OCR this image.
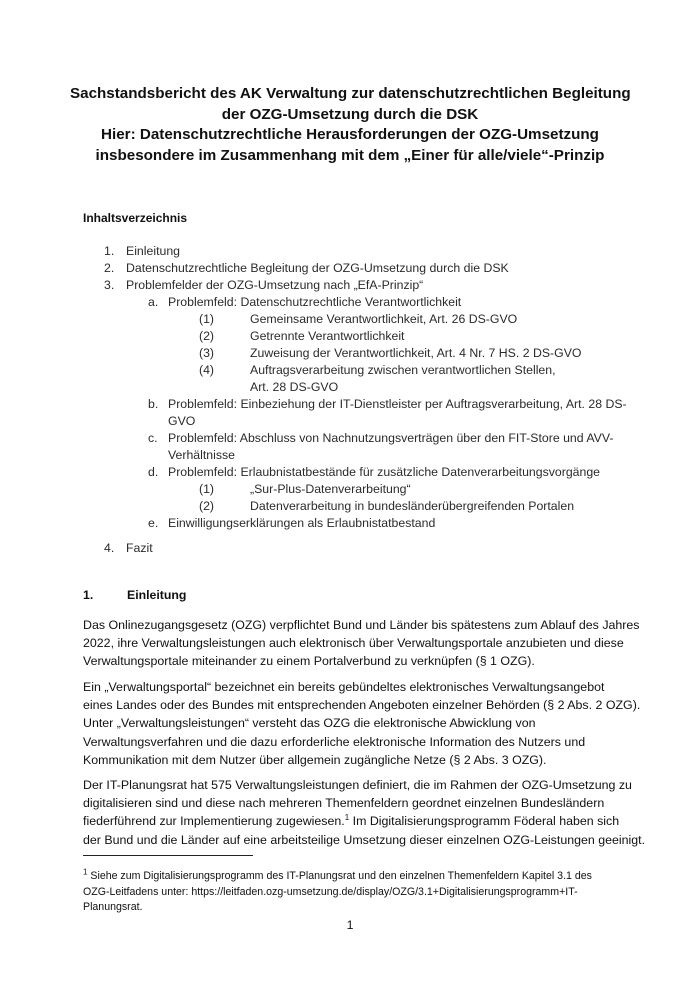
Sachstandsbericht des AK Verwaltung zur datenschutzrechtlichen Begleitung
der OZG-Umsetzung durch die DSK
Hier: Datenschutzrechtliche Herausforderungen der OZG-Umsetzung
insbesondere im Zusammenhang mit dem „Einer für alle/viele“-Prinzip
Inhaltsverzeichnis
1. Einleitung
2. Datenschutzrechtliche Begleitung der OZG-Umsetzung durch die DSK
3. Problemfelder der OZG-Umsetzung nach „EfA-Prinzip“
a. Problemfeld: Datenschutzrechtliche Verantwortlichkeit
(1)	Gemeinsame Verantwortlichkeit, Art. 26 DS-GVO
(2)	Getrennte Verantwortlichkeit
(3)	Zuweisung der Verantwortlichkeit, Art. 4 Nr. 7 HS. 2 DS-GVO
(4)	Auftragsverarbeitung zwischen verantwortlichen Stellen,
Art. 28 DS-GVO
b. Problemfeld: Einbeziehung der IT-Dienstleister per Auftragsverarbeitung, Art. 28 DS-
GVO
c. Problemfeld: Abschluss von Nachnutzungsverträgen über den FIT-Store und AVV-
Verhältnisse
d. Problemfeld: Erlaubnistatbestände für zusätzliche Datenverarbeitungsvorgänge
(1)	„Sur-Plus-Datenverarbeitung“
(2)	Datenverarbeitung in bundesländerübergreifenden Portalen
e. Einwilligungserklärungen als Erlaubnistatbestand
4. Fazit
1.	Einleitung
Das Onlinezugangsgesetz (OZG) verpflichtet Bund und Länder bis spätestens zum Ablauf des Jahres
2022, ihre Verwaltungsleistungen auch elektronisch über Verwaltungsportale anzubieten und diese
Verwaltungsportale miteinander zu einem Portalverbund zu verknüpfen (§ 1 OZG).
Ein „Verwaltungsportal“ bezeichnet ein bereits gebündeltes elektronisches Verwaltungsangebot
eines Landes oder des Bundes mit entsprechenden Angeboten einzelner Behörden (§ 2 Abs. 2 OZG).
Unter „Verwaltungsleistungen“ versteht das OZG die elektronische Abwicklung von
Verwaltungsverfahren und die dazu erforderliche elektronische Information des Nutzers und
Kommunikation mit dem Nutzer über allgemein zugängliche Netze (§ 2 Abs. 3 OZG).
Der IT-Planungsrat hat 575 Verwaltungsleistungen definiert, die im Rahmen der OZG-Umsetzung zu
digitalisieren sind und diese nach mehreren Themenfeldern geordnet einzelnen Bundesländern
fiederführend zur Implementierung zugewiesen.$^1$ Im Digitalisierungsprogramm Föderal haben sich
der Bund und die Länder auf eine arbeitsteilige Umsetzung dieser einzelnen OZG-Leistungen geeinigt.
$^1$ Siehe zum Digitalisierungsprogramm des IT-Planungsrat und den einzelnen Themenfeldern Kapitel 3.1 des
OZG-Leitfadens unter: https://leitfaden.ozg-umsetzung.de/display/OZG/3.1+Digitalisierungsprogramm+IT-
Planungsrat.
1
